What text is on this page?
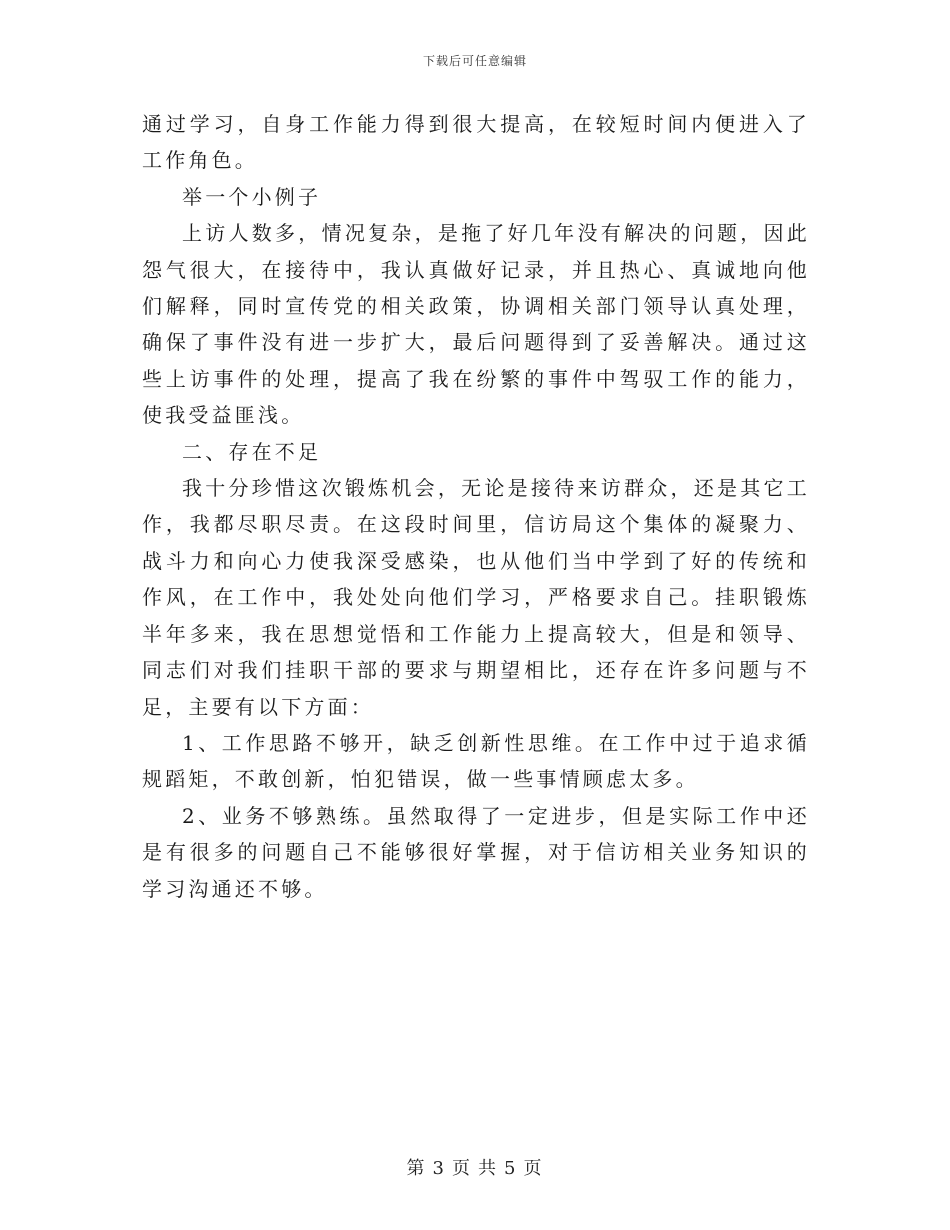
下载后可任意编辑

通过学习，自身工作能力得到很大提高，在较短时间内便进入了工作角色。

举一个小例子

上访人数多，情况复杂，是拖了好几年没有解决的问题，因此怨气很大，在接待中，我认真做好记录，并且热心、真诚地向他们解释，同时宣传党的相关政策，协调相关部门领导认真处理，确保了事件没有进一步扩大，最后问题得到了妥善解决。通过这些上访事件的处理，提高了我在纷繁的事件中驾驭工作的能力，使我受益匪浅。

二、存在不足

我十分珍惜这次锻炼机会，无论是接待来访群众，还是其它工作，我都尽职尽责。在这段时间里，信访局这个集体的凝聚力、战斗力和向心力使我深受感染，也从他们当中学到了好的传统和作风，在工作中，我处处向他们学习，严格要求自己。挂职锻炼半年多来，我在思想觉悟和工作能力上提高较大，但是和领导、同志们对我们挂职干部的要求与期望相比，还存在许多问题与不足，主要有以下方面：

1、工作思路不够开，缺乏创新性思维。在工作中过于追求循规蹈矩，不敢创新，怕犯错误，做一些事情顾虑太多。

2、业务不够熟练。虽然取得了一定进步，但是实际工作中还是有很多的问题自己不能够很好掌握，对于信访相关业务知识的学习沟通还不够。

第 3 页 共 5 页
